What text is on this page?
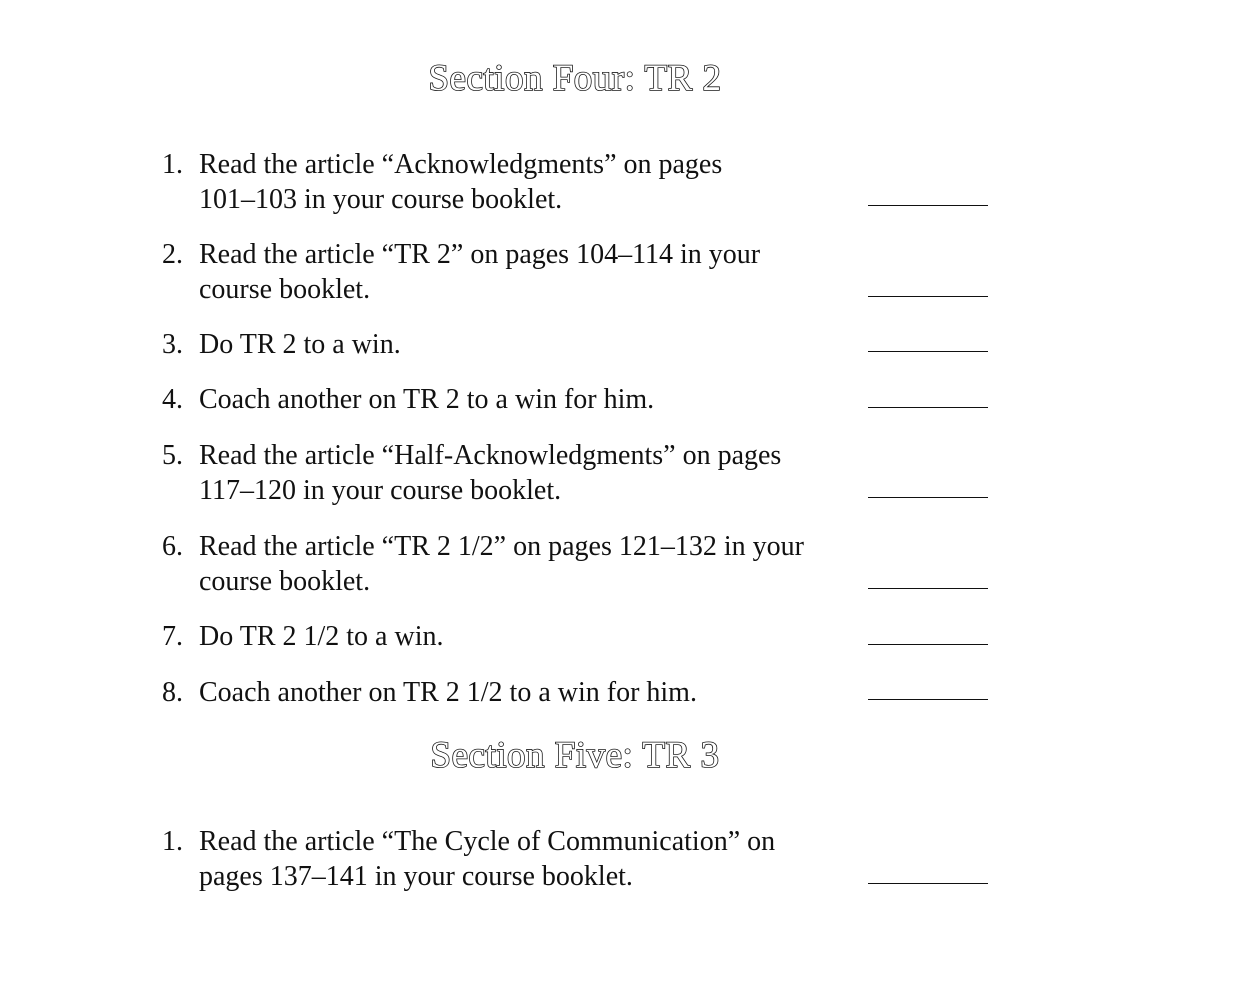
Section Four: TR 2
1. Read the article “Acknowledgments” on pages
101–103 in your course booklet.
2. Read the article “TR 2” on pages 104–114 in your
course booklet.
3. Do TR 2 to a win.
4. Coach another on TR 2 to a win for him.
5. Read the article “Half-Acknowledgments” on pages
117–120 in your course booklet.
6. Read the article “TR 2 1/2” on pages 121–132 in your
course booklet.
7. Do TR 2 1/2 to a win.
8. Coach another on TR 2 1/2 to a win for him.
Section Five: TR 3
1. Read the article “The Cycle of Communication” on
pages 137–141 in your course booklet.
